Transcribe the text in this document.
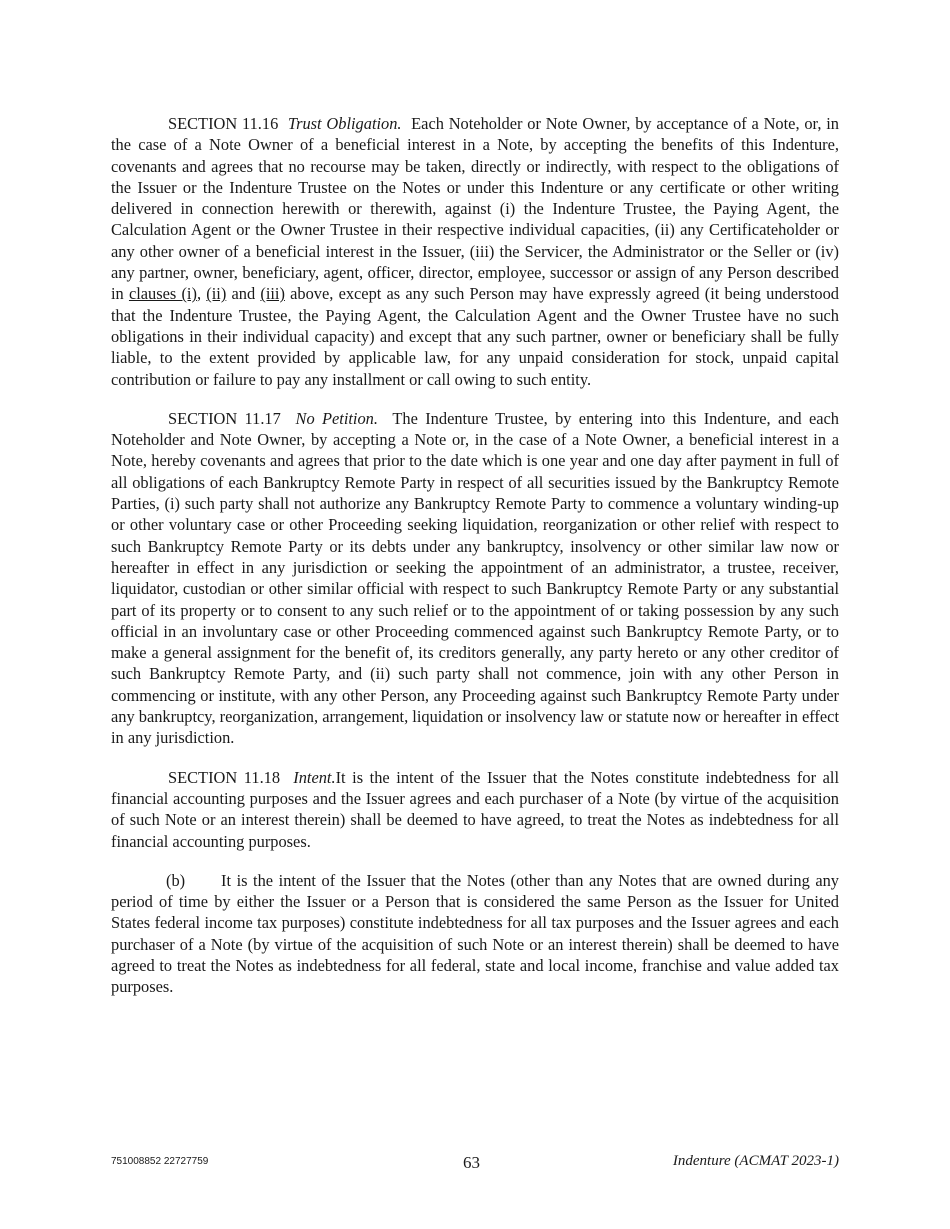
SECTION 11.16 Trust Obligation. Each Noteholder or Note Owner, by acceptance of a Note, or, in the case of a Note Owner of a beneficial interest in a Note, by accepting the benefits of this Indenture, covenants and agrees that no recourse may be taken, directly or indirectly, with respect to the obligations of the Issuer or the Indenture Trustee on the Notes or under this Indenture or any certificate or other writing delivered in connection herewith or therewith, against (i) the Indenture Trustee, the Paying Agent, the Calculation Agent or the Owner Trustee in their respective individual capacities, (ii) any Certificateholder or any other owner of a beneficial interest in the Issuer, (iii) the Servicer, the Administrator or the Seller or (iv) any partner, owner, beneficiary, agent, officer, director, employee, successor or assign of any Person described in clauses (i), (ii) and (iii) above, except as any such Person may have expressly agreed (it being understood that the Indenture Trustee, the Paying Agent, the Calculation Agent and the Owner Trustee have no such obligations in their individual capacity) and except that any such partner, owner or beneficiary shall be fully liable, to the extent provided by applicable law, for any unpaid consideration for stock, unpaid capital contribution or failure to pay any installment or call owing to such entity.

SECTION 11.17 No Petition. The Indenture Trustee, by entering into this Indenture, and each Noteholder and Note Owner, by accepting a Note or, in the case of a Note Owner, a beneficial interest in a Note, hereby covenants and agrees that prior to the date which is one year and one day after payment in full of all obligations of each Bankruptcy Remote Party in respect of all securities issued by the Bankruptcy Remote Parties, (i) such party shall not authorize any Bankruptcy Remote Party to commence a voluntary winding-up or other voluntary case or other Proceeding seeking liquidation, reorganization or other relief with respect to such Bankruptcy Remote Party or its debts under any bankruptcy, insolvency or other similar law now or hereafter in effect in any jurisdiction or seeking the appointment of an administrator, a trustee, receiver, liquidator, custodian or other similar official with respect to such Bankruptcy Remote Party or any substantial part of its property or to consent to any such relief or to the appointment of or taking possession by any such official in an involuntary case or other Proceeding commenced against such Bankruptcy Remote Party, or to make a general assignment for the benefit of, its creditors generally, any party hereto or any other creditor of such Bankruptcy Remote Party, and (ii) such party shall not commence, join with any other Person in commencing or institute, with any other Person, any Proceeding against such Bankruptcy Remote Party under any bankruptcy, reorganization, arrangement, liquidation or insolvency law or statute now or hereafter in effect in any jurisdiction.

SECTION 11.18 Intent.It is the intent of the Issuer that the Notes constitute indebtedness for all financial accounting purposes and the Issuer agrees and each purchaser of a Note (by virtue of the acquisition of such Note or an interest therein) shall be deemed to have agreed, to treat the Notes as indebtedness for all financial accounting purposes.

(b) It is the intent of the Issuer that the Notes (other than any Notes that are owned during any period of time by either the Issuer or a Person that is considered the same Person as the Issuer for United States federal income tax purposes) constitute indebtedness for all tax purposes and the Issuer agrees and each purchaser of a Note (by virtue of the acquisition of such Note or an interest therein) shall be deemed to have agreed to treat the Notes as indebtedness for all federal, state and local income, franchise and value added tax purposes.

751008852 22727759	63	Indenture (ACMAT 2023-1)
